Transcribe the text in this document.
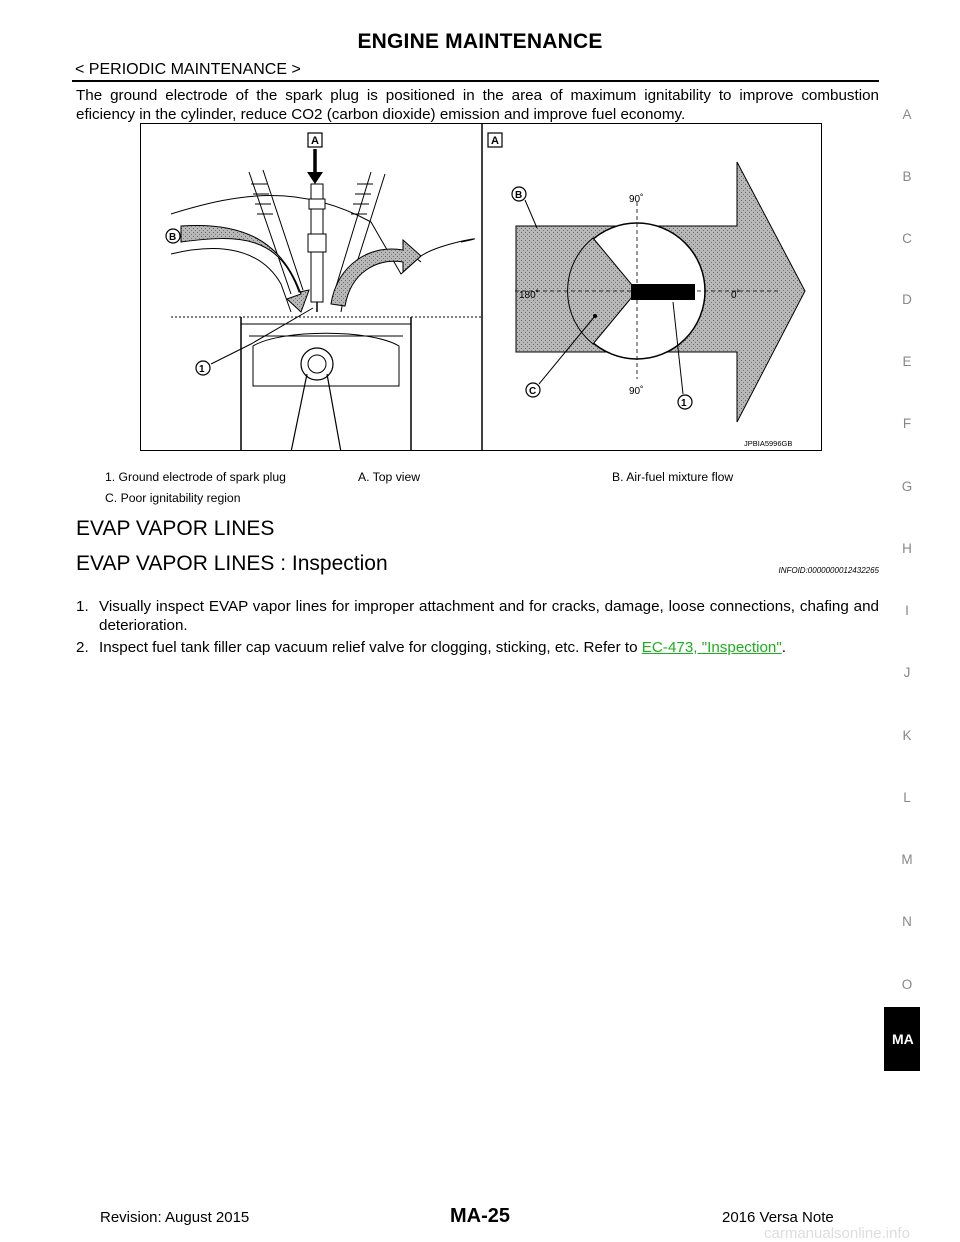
ENGINE MAINTENANCE
< PERIODIC MAINTENANCE >
The ground electrode of the spark plug is positioned in the area of maximum ignitability to improve combustion eficiency in the cylinder, reduce CO2 (carbon dioxide) emission and improve fuel economy.
A
B
1
A
90˚
90˚
180˚	0˚
B
C
1
JPBIA5996GB
1. Ground electrode of spark plug	A. Top view	B. Air-fuel mixture flow
C. Poor ignitability region
EVAP VAPOR LINES
EVAP VAPOR LINES : Inspection	INFOID:0000000012432265
1. Visually inspect EVAP vapor lines for improper attachment and for cracks, damage, loose connections, chafing and deterioration.
2. Inspect fuel tank filler cap vacuum relief valve for clogging, sticking, etc. Refer to EC-473, "Inspection".
A
B
C
D
E
F
G
H
I
J
K
L
M
N
O
MA
Revision: August 2015	MA-25	2016 Versa Note
carmanualsonline.info
